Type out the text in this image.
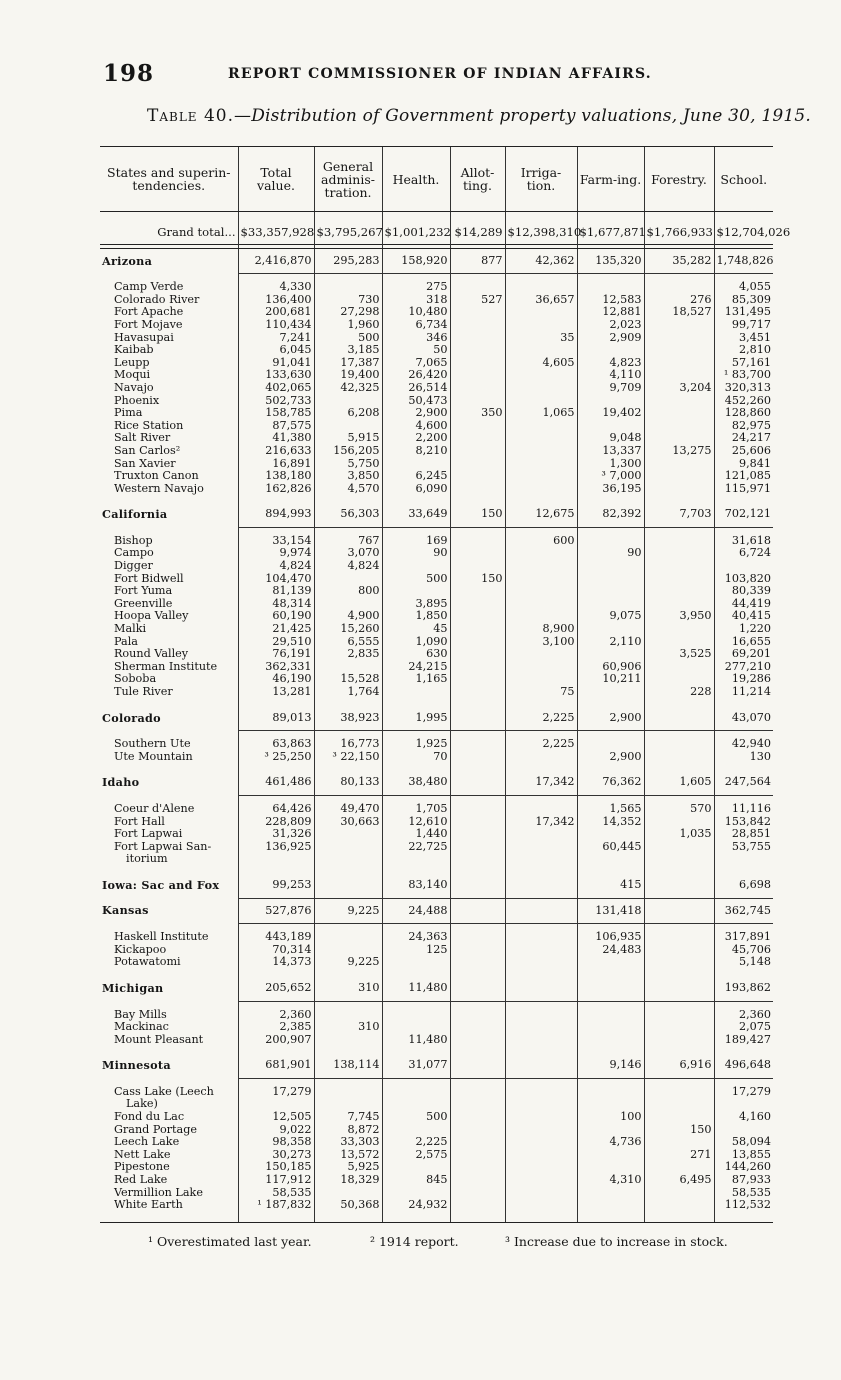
198	REPORT COMMISSIONER OF INDIAN AFFAIRS.
Table 40.—Distribution of Government property valuations, June 30, 1915.
States and superin-tendencies.	Total value.	General adminis-tration.	Health.	Allot-ting.	Irriga-tion.	Farm-ing.	Forestry.	School.
Grand total...	$33,357,928	$3,795,267	$1,001,232	$14,289	$12,398,310	$1,677,871	$1,766,933	$12,704,026

Arizona	2,416,870	295,283	158,920	877	42,362	135,320	35,282	1,748,826

Camp Verde	4,330		275					4,055
Colorado River	136,400	730	318	527	36,657	12,583	276	85,309
Fort Apache	200,681	27,298	10,480			12,881	18,527	131,495
Fort Mojave	110,434	1,960	6,734			2,023		99,717
Havasupai	7,241	500	346		35	2,909		3,451
Kaibab	6,045	3,185	50					2,810
Leupp	91,041	17,387	7,065		4,605	4,823		57,161
Moqui	133,630	19,400	26,420			4,110		¹ 83,700
Navajo	402,065	42,325	26,514			9,709	3,204	320,313
Phoenix	502,733		50,473					452,260
Pima	158,785	6,208	2,900	350	1,065	19,402		128,860
Rice Station	87,575		4,600					82,975
Salt River	41,380	5,915	2,200			9,048		24,217
San Carlos²	216,633	156,205	8,210			13,337	13,275	25,606
San Xavier	16,891	5,750				1,300		9,841
Truxton Canon	138,180	3,850	6,245			³ 7,000		121,085
Western Navajo	162,826	4,570	6,090			36,195		115,971

California	894,993	56,303	33,649	150	12,675	82,392	7,703	702,121

Bishop	33,154	767	169		600			31,618
Campo	9,974	3,070	90			90		6,724
Digger	4,824	4,824						
Fort Bidwell	104,470		500	150				103,820
Fort Yuma	81,139	800						80,339
Greenville	48,314		3,895					44,419
Hoopa Valley	60,190	4,900	1,850			9,075	3,950	40,415
Malki	21,425	15,260	45		8,900			1,220
Pala	29,510	6,555	1,090		3,100	2,110		16,655
Round Valley	76,191	2,835	630				3,525	69,201
Sherman Institute	362,331		24,215			60,906		277,210
Soboba	46,190	15,528	1,165			10,211		19,286
Tule River	13,281	1,764			75		228	11,214

Colorado	89,013	38,923	1,995		2,225	2,900		43,070

Southern Ute	63,863	16,773	1,925		2,225			42,940
Ute Mountain	³ 25,250	³ 22,150	70			2,900		130

Idaho	461,486	80,133	38,480		17,342	76,362	1,605	247,564

Coeur d'Alene	64,426	49,470	1,705			1,565	570	11,116
Fort Hall	228,809	30,663	12,610		17,342	14,352		153,842
Fort Lapwai	31,326		1,440				1,035	28,851
Fort Lapwai San-itorium	136,925		22,725			60,445		53,755

Iowa: Sac and Fox	99,253		83,140			415		6,698
Kansas	527,876	9,225	24,488			131,418		362,745

Haskell Institute	443,189		24,363			106,935		317,891
Kickapoo	70,314		125			24,483		45,706
Potawatomi	14,373	9,225						5,148

Michigan	205,652	310	11,480					193,862

Bay Mills	2,360							2,360
Mackinac	2,385	310						2,075
Mount Pleasant	200,907		11,480					189,427

Minnesota	681,901	138,114	31,077			9,146	6,916	496,648

Cass Lake (Leech Lake)	17,279							17,279
Fond du Lac	12,505	7,745	500			100		4,160
Grand Portage	9,022	8,872					150	
Leech Lake	98,358	33,303	2,225			4,736		58,094
Nett Lake	30,273	13,572	2,575				271	13,855
Pipestone	150,185	5,925						144,260
Red Lake	117,912	18,329	845			4,310	6,495	87,933
Vermillion Lake	58,535							58,535
White Earth	¹ 187,832	50,368	24,932					112,532

¹ Overestimated last year.	² 1914 report.	³ Increase due to increase in stock.
